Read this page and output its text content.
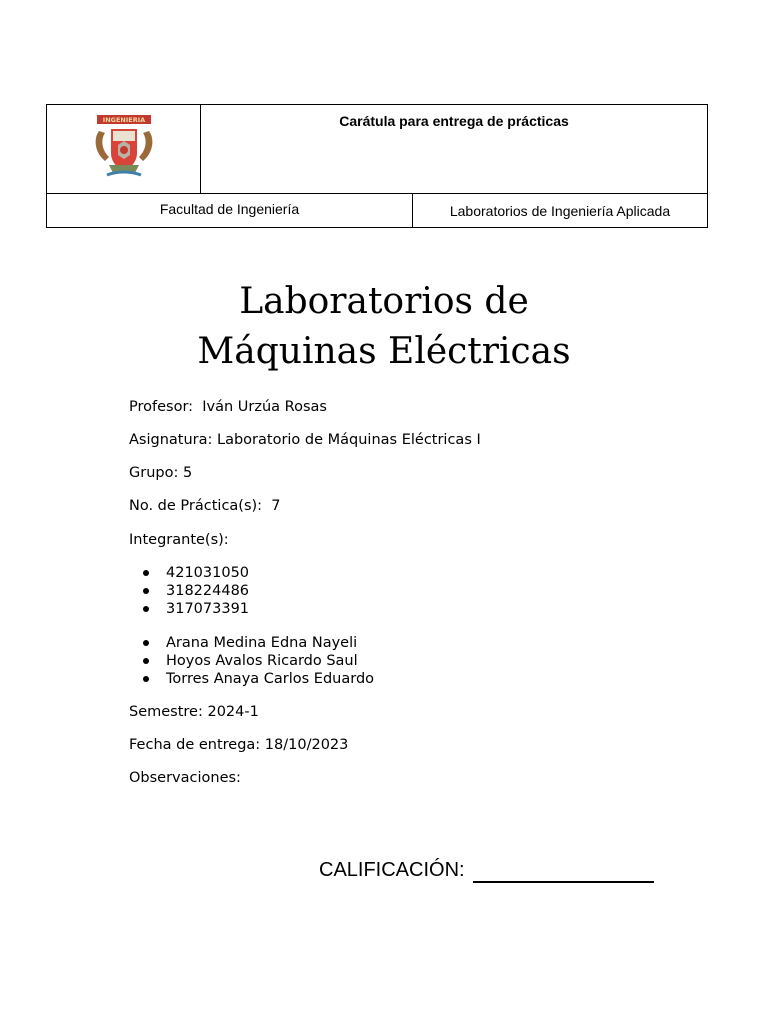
INGENIERIA	Carátula para entrega de prácticas
Facultad de Ingeniería	Laboratorios de Ingeniería Aplicada
Laboratorios de
Máquinas Eléctricas
Profesor:  Iván Urzúa Rosas
Asignatura: Laboratorio de Máquinas Eléctricas I
Grupo: 5
No. de Práctica(s):  7
Integrante(s):
421031050
318224486
317073391
Arana Medina Edna Nayeli
Hoyos Avalos Ricardo Saul
Torres Anaya Carlos Eduardo
Semestre: 2024-1
Fecha de entrega: 18/10/2023
Observaciones:
CALIFICACIÓN:
